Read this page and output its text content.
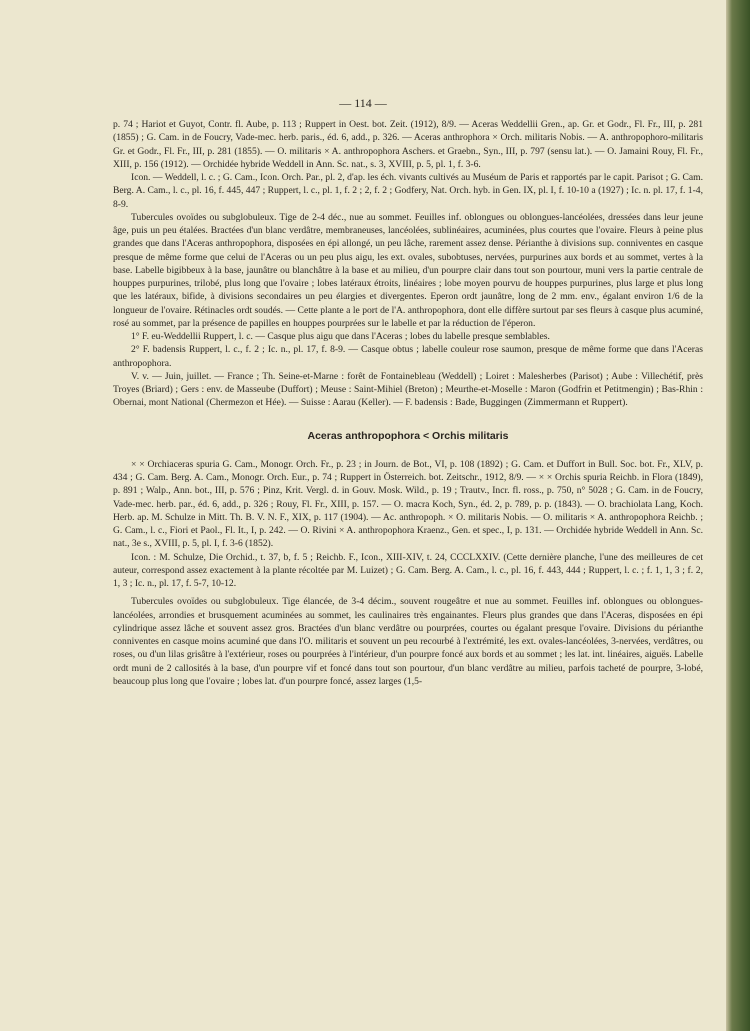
— 114 —

p. 74 ; Hariot et Guyot, Contr. fl. Aube, p. 113 ; Ruppert in Oest. bot. Zeit. (1912), 8/9. — Aceras Weddellii Gren., ap. Gr. et Godr., Fl. Fr., III, p. 281 (1855) ; G. Cam. in de Foucry, Vade-mec. herb. paris., éd. 6, add., p. 326. — Aceras anthrophora × Orch. militaris Nobis. — A. anthropophoro-militaris Gr. et Godr., Fl. Fr., III, p. 281 (1855). — O. militaris × A. anthropophora Aschers. et Graebn., Syn., III, p. 797 (sensu lat.). — O. Jamaini Rouy, Fl. Fr., XIII, p. 156 (1912). — Orchidée hybride Weddell in Ann. Sc. nat., s. 3, XVIII, p. 5, pl. 1, f. 3-6.

Icon. — Weddell, l. c. ; G. Cam., Icon. Orch. Par., pl. 2, d'ap. les éch. vivants cultivés au Muséum de Paris et rapportés par le capit. Parisot ; G. Cam. Berg. A. Cam., l. c., pl. 16, f. 445, 447 ; Ruppert, l. c., pl. 1, f. 2 ; 2, f. 2 ; Godfery, Nat. Orch. hyb. in Gen. IX, pl. I, f. 10-10 a (1927) ; Ic. n. pl. 17, f. 1-4, 8-9.

Tubercules ovoïdes ou subglobuleux. Tige de 2-4 déc., nue au sommet. Feuilles inf. oblongues ou oblongues-lancéolées, dressées dans leur jeune âge, puis un peu étalées. Bractées d'un blanc verdâtre, membraneuses, lancéolées, sublinéaires, acuminées, plus courtes que l'ovaire. Fleurs à peine plus grandes que dans l'Aceras anthropophora, disposées en épi allongé, un peu lâche, rarement assez dense. Périanthe à divisions sup. conniventes en casque presque de même forme que celui de l'Aceras ou un peu plus aigu, les ext. ovales, subobtuses, nervées, purpurines aux bords et au sommet, vertes à la base. Labelle bigibbeux à la base, jaunâtre ou blanchâtre à la base et au milieu, d'un pourpre clair dans tout son pourtour, muni vers la partie centrale de houppes purpurines, trilobé, plus long que l'ovaire ; lobes latéraux étroits, linéaires ; lobe moyen pourvu de houppes purpurines, plus large et plus long que les latéraux, bifide, à divisions secondaires un peu élargies et divergentes. Eperon ordt jaunâtre, long de 2 mm. env., égalant environ 1/6 de la longueur de l'ovaire. Rétinacles ordt soudés. — Cette plante a le port de l'A. anthropophora, dont elle diffère surtout par ses fleurs à casque plus acuminé, rosé au sommet, par la présence de papilles en houppes pourprées sur le labelle et par la réduction de l'éperon.

1° F. eu-Weddellii Ruppert, l. c. — Casque plus aigu que dans l'Aceras ; lobes du labelle presque semblables.

2° F. badensis Ruppert, l. c., f. 2 ; Ic. n., pl. 17, f. 8-9. — Casque obtus ; labelle couleur rose saumon, presque de même forme que dans l'Aceras anthropophora.

V. v. — Juin, juillet. — France ; Th. Seine-et-Marne : forêt de Fontainebleau (Weddell) ; Loiret : Malesherbes (Parisot) ; Aube : Villechétif, près Troyes (Briard) ; Gers : env. de Masseube (Duffort) ; Meuse : Saint-Mihiel (Breton) ; Meurthe-et-Moselle : Maron (Godfrin et Petitmengin) ; Bas-Rhin : Obernai, mont National (Chermezon et Hée). — Suisse : Aarau (Keller). — F. badensis : Bade, Buggingen (Zimmermann et Ruppert).

Aceras anthropophora < Orchis militaris

× × Orchiaceras spuria G. Cam., Monogr. Orch. Fr., p. 23 ; in Journ. de Bot., VI, p. 108 (1892) ; G. Cam. et Duffort in Bull. Soc. bot. Fr., XLV, p. 434 ; G. Cam. Berg. A. Cam., Monogr. Orch. Eur., p. 74 ; Ruppert in Österreich. bot. Zeitschr., 1912, 8/9. — × × Orchis spuria Reichb. in Flora (1849), p. 891 ; Walp., Ann. bot., III, p. 576 ; Pinz, Krit. Vergl. d. in Gouv. Mosk. Wild., p. 19 ; Trautv., Incr. fl. ross., p. 750, n° 5028 ; G. Cam. in de Foucry, Vade-mec. herb. par., éd. 6, add., p. 326 ; Rouy, Fl. Fr., XIII, p. 157. — O. macra Koch, Syn., éd. 2, p. 789, p. p. (1843). — O. brachiolata Lang, Koch. Herb. ap. M. Schulze in Mitt. Th. B. V. N. F., XIX, p. 117 (1904). — Ac. anthropoph. × O. militaris Nobis. — O. militaris × A. anthropophora Reichb. ; G. Cam., l. c., Fiori et Paol., Fl. It., I, p. 242. — O. Rivini × A. anthropophora Kraenz., Gen. et spec., I, p. 131. — Orchidée hybride Weddell in Ann. Sc. nat., 3e s., XVIII, p. 5, pl. I, f. 3-6 (1852).

Icon. : M. Schulze, Die Orchid., t. 37, b, f. 5 ; Reichb. F., Icon., XIII-XIV, t. 24, CCCLXXIV. (Cette dernière planche, l'une des meilleures de cet auteur, correspond assez exactement à la plante récoltée par M. Luizet) ; G. Cam. Berg. A. Cam., l. c., pl. 16, f. 443, 444 ; Ruppert, l. c. ; f. 1, 1, 3 ; f. 2, 1, 3 ; Ic. n., pl. 17, f. 5-7, 10-12.

Tubercules ovoïdes ou subglobuleux. Tige élancée, de 3-4 décim., souvent rougeâtre et nue au sommet. Feuilles inf. oblongues ou oblongues-lancéolées, arrondies et brusquement acuminées au sommet, les caulinaires très engainantes. Fleurs plus grandes que dans l'Aceras, disposées en épi cylindrique assez lâche et souvent assez gros. Bractées d'un blanc verdâtre ou pourprées, courtes ou égalant presque l'ovaire. Divisions du périanthe conniventes en casque moins acuminé que dans l'O. militaris et souvent un peu recourbé à l'extrémité, les ext. ovales-lancéolées, 3-nervées, verdâtres, ou roses, ou d'un lilas grisâtre à l'extérieur, roses ou pourprées à l'intérieur, d'un pourpre foncé aux bords et au sommet ; les lat. int. linéaires, aiguës. Labelle ordt muni de 2 callosités à la base, d'un pourpre vif et foncé dans tout son pourtour, d'un blanc verdâtre au milieu, parfois tacheté de pourpre, 3-lobé, beaucoup plus long que l'ovaire ; lobes lat. d'un pourpre foncé, assez larges (1,5-
